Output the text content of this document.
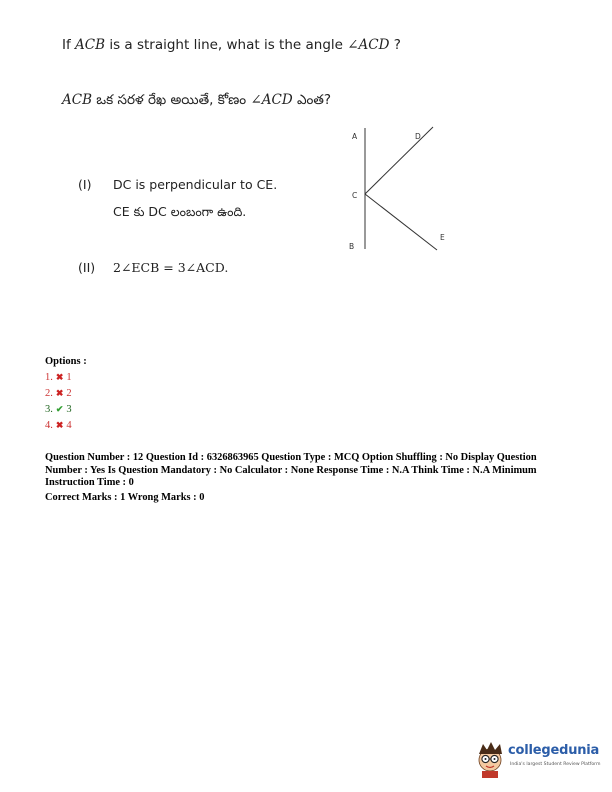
If ACB is a straight line, what is the angle ∠ACD ?
ACB ఒక సరళ రేఖ అయితే, కోణం ∠ACD ఎంత?
(I) DC is perpendicular to CE.
CE కు DC లంబంగా ఉంది.
(II) 2∠ECB = 3∠ACD.
A	D
C
E
B
Options :
1. ✖ 1
2. ✖ 2
3. ✔ 3
4. ✖ 4
Question Number : 12 Question Id : 6326863965 Question Type : MCQ Option Shuffling : No Display Question Number : Yes Is Question Mandatory : No Calculator : None Response Time : N.A Think Time : N.A Minimum Instruction Time : 0
Correct Marks : 1 Wrong Marks : 0
collegedunia
India's largest Student Review Platform
